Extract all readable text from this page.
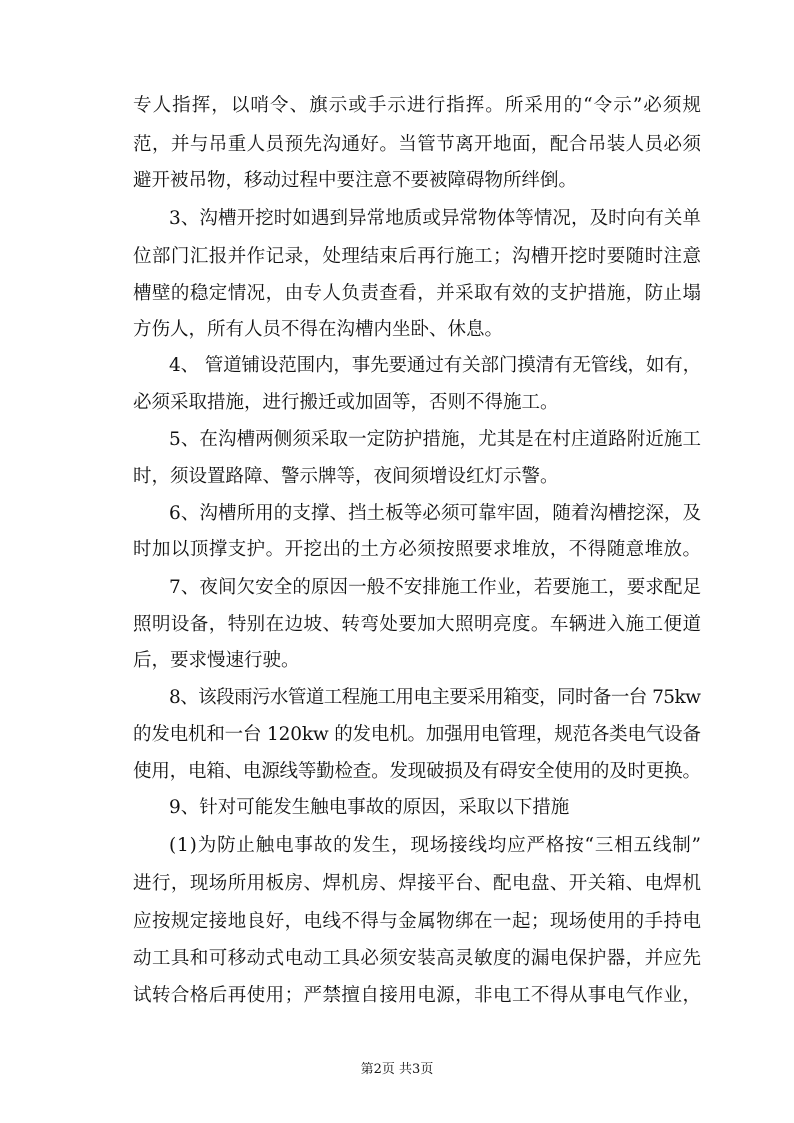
专人指挥，以哨令、旗示或手示进行指挥。所采用的“令示”必须规
范，并与吊重人员预先沟通好。当管节离开地面，配合吊装人员必须
避开被吊物，移动过程中要注意不要被障碍物所绊倒。
3、沟槽开挖时如遇到异常地质或异常物体等情况，及时向有关单
位部门汇报并作记录，处理结束后再行施工；沟槽开挖时要随时注意
槽壁的稳定情况，由专人负责查看，并采取有效的支护措施，防止塌
方伤人，所有人员不得在沟槽内坐卧、休息。
4、 管道铺设范围内，事先要通过有关部门摸清有无管线，如有，
必须采取措施，进行搬迁或加固等，否则不得施工。
5、在沟槽两侧须采取一定防护措施，尤其是在村庄道路附近施工
时，须设置路障、警示牌等，夜间须增设红灯示警。
6、沟槽所用的支撑、挡土板等必须可靠牢固，随着沟槽挖深，及
时加以顶撑支护。开挖出的土方必须按照要求堆放，不得随意堆放。
7、夜间欠安全的原因一般不安排施工作业，若要施工，要求配足
照明设备，特别在边坡、转弯处要加大照明亮度。车辆进入施工便道
后，要求慢速行驶。
8、该段雨污水管道工程施工用电主要采用箱变，同时备一台 75kw
的发电机和一台 120kw 的发电机。加强用电管理，规范各类电气设备
使用，电箱、电源线等勤检查。发现破损及有碍安全使用的及时更换。
9、针对可能发生触电事故的原因，采取以下措施
(1)为防止触电事故的发生，现场接线均应严格按“三相五线制”
进行，现场所用板房、焊机房、焊接平台、配电盘、开关箱、电焊机
应按规定接地良好，电线不得与金属物绑在一起；现场使用的手持电
动工具和可移动式电动工具必须安装高灵敏度的漏电保护器，并应先
试转合格后再使用；严禁擅自接用电源，非电工不得从事电气作业，
第2页 共3页
